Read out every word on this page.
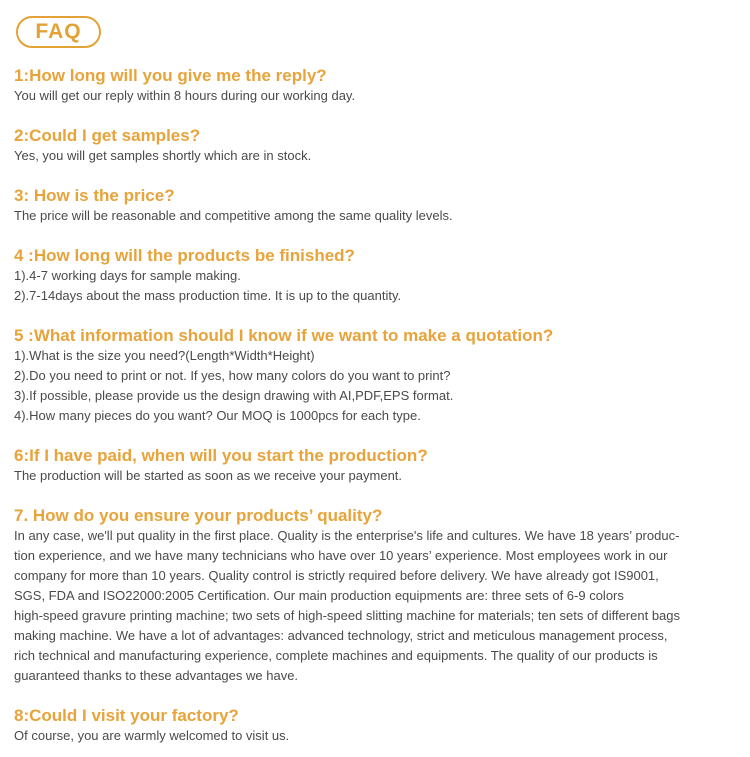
FAQ

1:How long will you give me the reply?

You will get our reply within 8 hours during our working day.

2:Could I get samples?

Yes, you will get samples shortly which are in stock.

3: How is the price?

The price will be reasonable and competitive among the same quality levels.

4 :How long will the products be finished?

1).4-7 working days for sample making.

2).7-14days about the mass production time. It is up to the quantity.

5 :What information should I know if we want to make a quotation?

1).What is the size you need?(Length*Width*Height)

2).Do you need to print or not. If yes, how many colors do you want to print?

3).If possible, please provide us the design drawing with AI,PDF,EPS format.

4).How many pieces do you want? Our MOQ is 1000pcs for each type.

6:If I have paid, when will you start the production?

The production will be started as soon as we receive your payment.

7. How do you ensure your products’ quality?

In any case, we'll put quality in the first place. Quality is the enterprise's life and cultures. We have 18 years’ produc-

tion experience, and we have many technicians who have over 10 years’ experience. Most employees work in our

company for more than 10 years. Quality control is strictly required before delivery. We have already got IS9001,

SGS, FDA and ISO22000:2005 Certification. Our main production equipments are: three sets of 6-9 colors

high-speed gravure printing machine; two sets of high-speed slitting machine for materials; ten sets of different bags

making machine. We have a lot of advantages: advanced technology, strict and meticulous management process,

rich technical and manufacturing experience, complete machines and equipments. The quality of our products is

guaranteed thanks to these advantages we have.

8:Could I visit your factory?

Of course, you are warmly welcomed to visit us.
